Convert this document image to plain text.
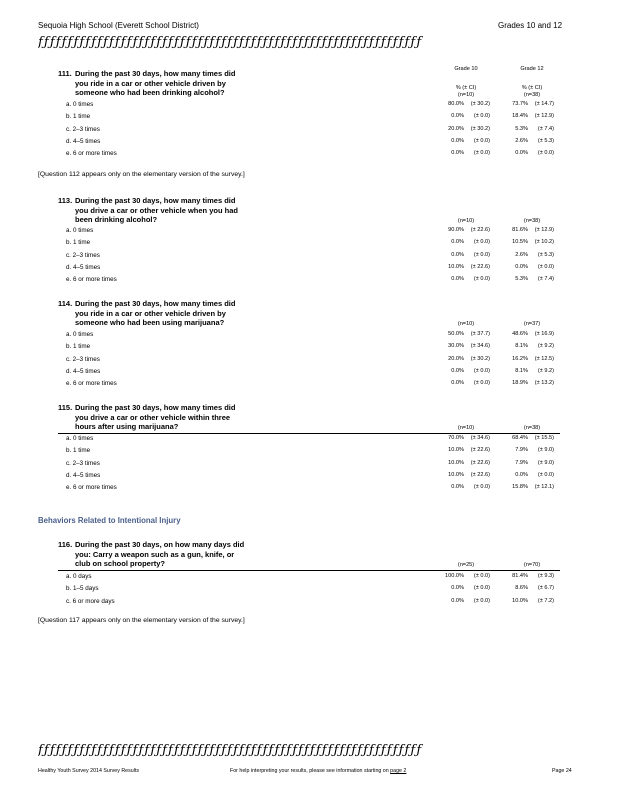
Sequoia High School (Everett School District)	Grades 10 and 12
ƒƒƒƒƒƒƒƒƒƒƒƒƒƒƒƒƒƒƒƒƒƒƒƒƒƒƒƒƒƒƒƒƒƒƒƒƒƒƒƒƒƒƒƒƒƒƒƒƒƒƒƒƒƒƒƒƒƒƒƒƒƒƒƒƒ
Grade 10	Grade 12
% (± CI)	% (± CI)
111. During the past 30 days, how many times did
you ride in a car or other vehicle driven by
someone who had been drinking alcohol?	(n=10)	(n=38)
[Question 112 appears only on the elementary version of the survey.]
113. During the past 30 days, how many times did
you drive a car or other vehicle when you had
been drinking alcohol?	(n=10)	(n=38)
114. During the past 30 days, how many times did
you ride in a car or other vehicle driven by
someone who had been using marijuana?	(n=10)	(n=37)
115. During the past 30 days, how many times did
you drive a car or other vehicle within three
hours after using marijuana?	(n=10)	(n=38)
Behaviors Related to Intentional Injury
116. During the past 30 days, on how many days did
you: Carry a weapon such as a gun, knife, or
club on school property?	(n=25)	(n=70)
[Question 117 appears only on the elementary version of the survey.]
ƒƒƒƒƒƒƒƒƒƒƒƒƒƒƒƒƒƒƒƒƒƒƒƒƒƒƒƒƒƒƒƒƒƒƒƒƒƒƒƒƒƒƒƒƒƒƒƒƒƒƒƒƒƒƒƒƒƒƒƒƒƒƒƒƒ
Healthy Youth Survey 2014 Survey Results	For help interpreting your results, please see information starting on page 2	Page 24
a. 0 times	80.0%	(± 30.2)	73.7%	(± 14.7)
b. 1 time	0.0%	(± 0.0)	18.4%	(± 12.9)
c. 2–3 times	20.0%	(± 30.2)	5.3%	(± 7.4)
d. 4–5 times	0.0%	(± 0.0)	2.6%	(± 5.3)
e. 6 or more times	0.0%	(± 0.0)	0.0%	(± 0.0)
a. 0 times	90.0%	(± 22.6)	81.6%	(± 12.9)
b. 1 time	0.0%	(± 0.0)	10.5%	(± 10.2)
c. 2–3 times	0.0%	(± 0.0)	2.6%	(± 5.3)
d. 4–5 times	10.0%	(± 22.6)	0.0%	(± 0.0)
e. 6 or more times	0.0%	(± 0.0)	5.3%	(± 7.4)
a. 0 times	50.0%	(± 37.7)	48.6%	(± 16.9)
b. 1 time	30.0%	(± 34.6)	8.1%	(± 9.2)
c. 2–3 times	20.0%	(± 30.2)	16.2%	(± 12.5)
d. 4–5 times	0.0%	(± 0.0)	8.1%	(± 9.2)
e. 6 or more times	0.0%	(± 0.0)	18.9%	(± 13.2)
a. 0 times	70.0%	(± 34.6)	68.4%	(± 15.5)
b. 1 time	10.0%	(± 22.6)	7.9%	(± 9.0)
c. 2–3 times	10.0%	(± 22.6)	7.9%	(± 9.0)
d. 4–5 times	10.0%	(± 22.6)	0.0%	(± 0.0)
e. 6 or more times	0.0%	(± 0.0)	15.8%	(± 12.1)
a. 0 days	100.0%	(± 0.0)	81.4%	(± 9.3)
b. 1–5 days	0.0%	(± 0.0)	8.6%	(± 6.7)
c. 6 or more days	0.0%	(± 0.0)	10.0%	(± 7.2)
